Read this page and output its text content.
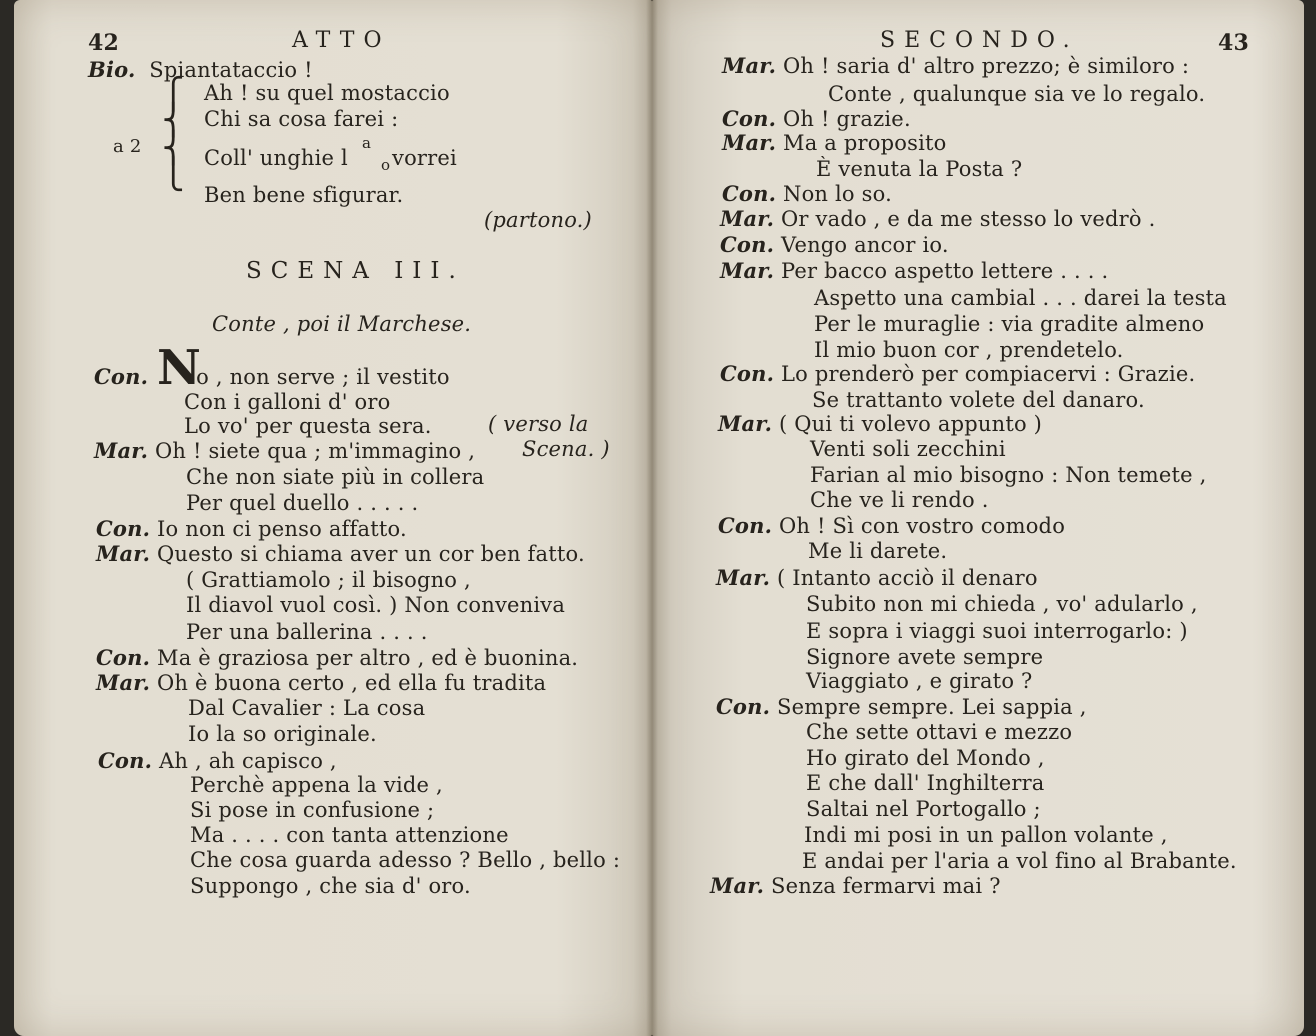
42	ATTO
Bio. Spiantataccio !
a 2
⎧
⎨
⎨
⎩
Ah ! su quel mostaccio
Chi sa cosa farei :
Coll' unghie l
a
o vorrei
Ben bene sfigurar.
(partono.)
SCENA III.
Conte , poi il Marchese.
N
Con. o , non serve ; il vestito
Con i galloni d' oro
Lo vo' per questa sera.	( verso la
Mar. Oh ! siete qua ; m'immagino , Scena. )
Che non siate più in collera
Per quel duello . . . . .
Con. Io non ci penso affatto.
Mar. Questo si chiama aver un cor ben fatto.
( Grattiamolo ; il bisogno ,
Il diavol vuol così. ) Non conveniva
Per una ballerina . . . .
Con. Ma è graziosa per altro , ed è buonina.
Mar. Oh è buona certo , ed ella fu tradita
Dal Cavalier : La cosa
Io la so originale.
Con. Ah , ah capisco ,
Perchè appena la vide ,
Si pose in confusione ;
Ma . . . . con tanta attenzione
Che cosa guarda adesso ? Bello , bello :
Suppongo , che sia d' oro.
SECONDO.	43
Mar. Oh ! saria d' altro prezzo; è similoro :
Conte , qualunque sia ve lo regalo.
Con. Oh ! grazie.
Mar. Ma a proposito
È venuta la Posta ?
Con. Non lo so.
Mar. Or vado , e da me stesso lo vedrò .
Con. Vengo ancor io.
Mar. Per bacco aspetto lettere . . . .
Aspetto una cambial . . . darei la testa
Per le muraglie : via gradite almeno
Il mio buon cor , prendetelo.
Con. Lo prenderò per compiacervi : Grazie.
Se trattanto volete del danaro.
Mar. ( Qui ti volevo appunto )
Venti soli zecchini
Farian al mio bisogno : Non temete ,
Che ve li rendo .
Con. Oh ! Sì con vostro comodo
Me li darete.
Mar. ( Intanto acciò il denaro
Subito non mi chieda , vo' adularlo ,
E sopra i viaggi suoi interrogarlo: )
Signore avete sempre
Viaggiato , e girato ?
Con. Sempre sempre. Lei sappia ,
Che sette ottavi e mezzo
Ho girato del Mondo ,
E che dall' Inghilterra
Saltai nel Portogallo ;
Indi mi posi in un pallon volante ,
E andai per l'aria a vol fino al Brabante.
Mar. Senza fermarvi mai ?
